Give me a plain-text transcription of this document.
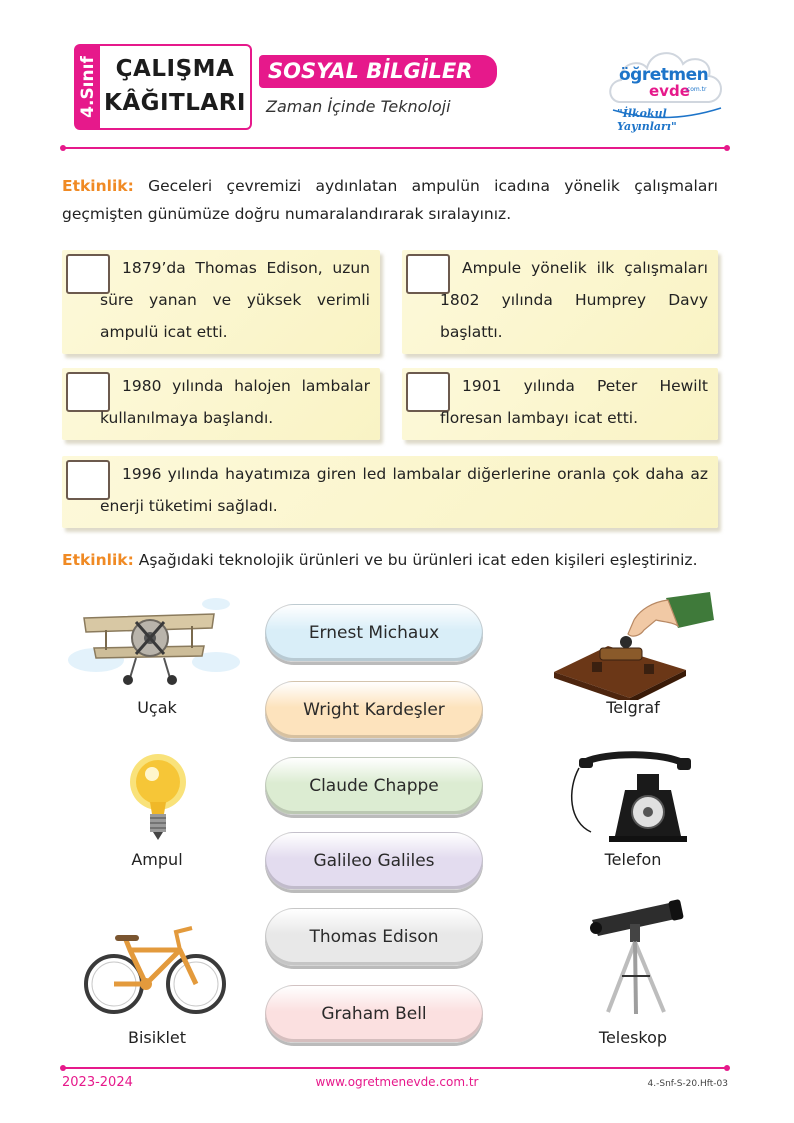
4.Sınıf ÇALIŞMA
KÂĞITLARI
SOSYAL BİLGİLER
Zaman İçinde Teknoloji
öğretmen
evde
.com.tr
"İlkokul Yayınları"
Etkinlik: Geceleri çevremizi aydınlatan ampulün icadına yönelik çalışmaları geçmişten günümüze doğru numaralandırarak sıralayınız.
1879’da Thomas Edison, uzun süre yanan ve yüksek verimli ampulü icat etti.
Ampule yönelik ilk çalışmaları 1802 yılında Humprey Davy başlattı.
1980 yılında halojen lambalar kullanılmaya başlandı.
1901 yılında Peter Hewilt floresan lambayı icat etti.
1996 yılında hayatımıza giren led lambalar diğerlerine oranla çok daha az enerji tüketimi sağladı.
Etkinlik: Aşağıdaki teknolojik ürünleri ve bu ürünleri icat eden kişileri eşleştiriniz.
Uçak
Ampul
Bisiklet
Ernest Michaux
Wright Kardeşler
Claude Chappe
Galileo Galiles
Thomas Edison
Graham Bell
Telgraf
Telefon
Teleskop
2023-2024	www.ogretmenevde.com.tr	4.-Snf-S-20.Hft-03
